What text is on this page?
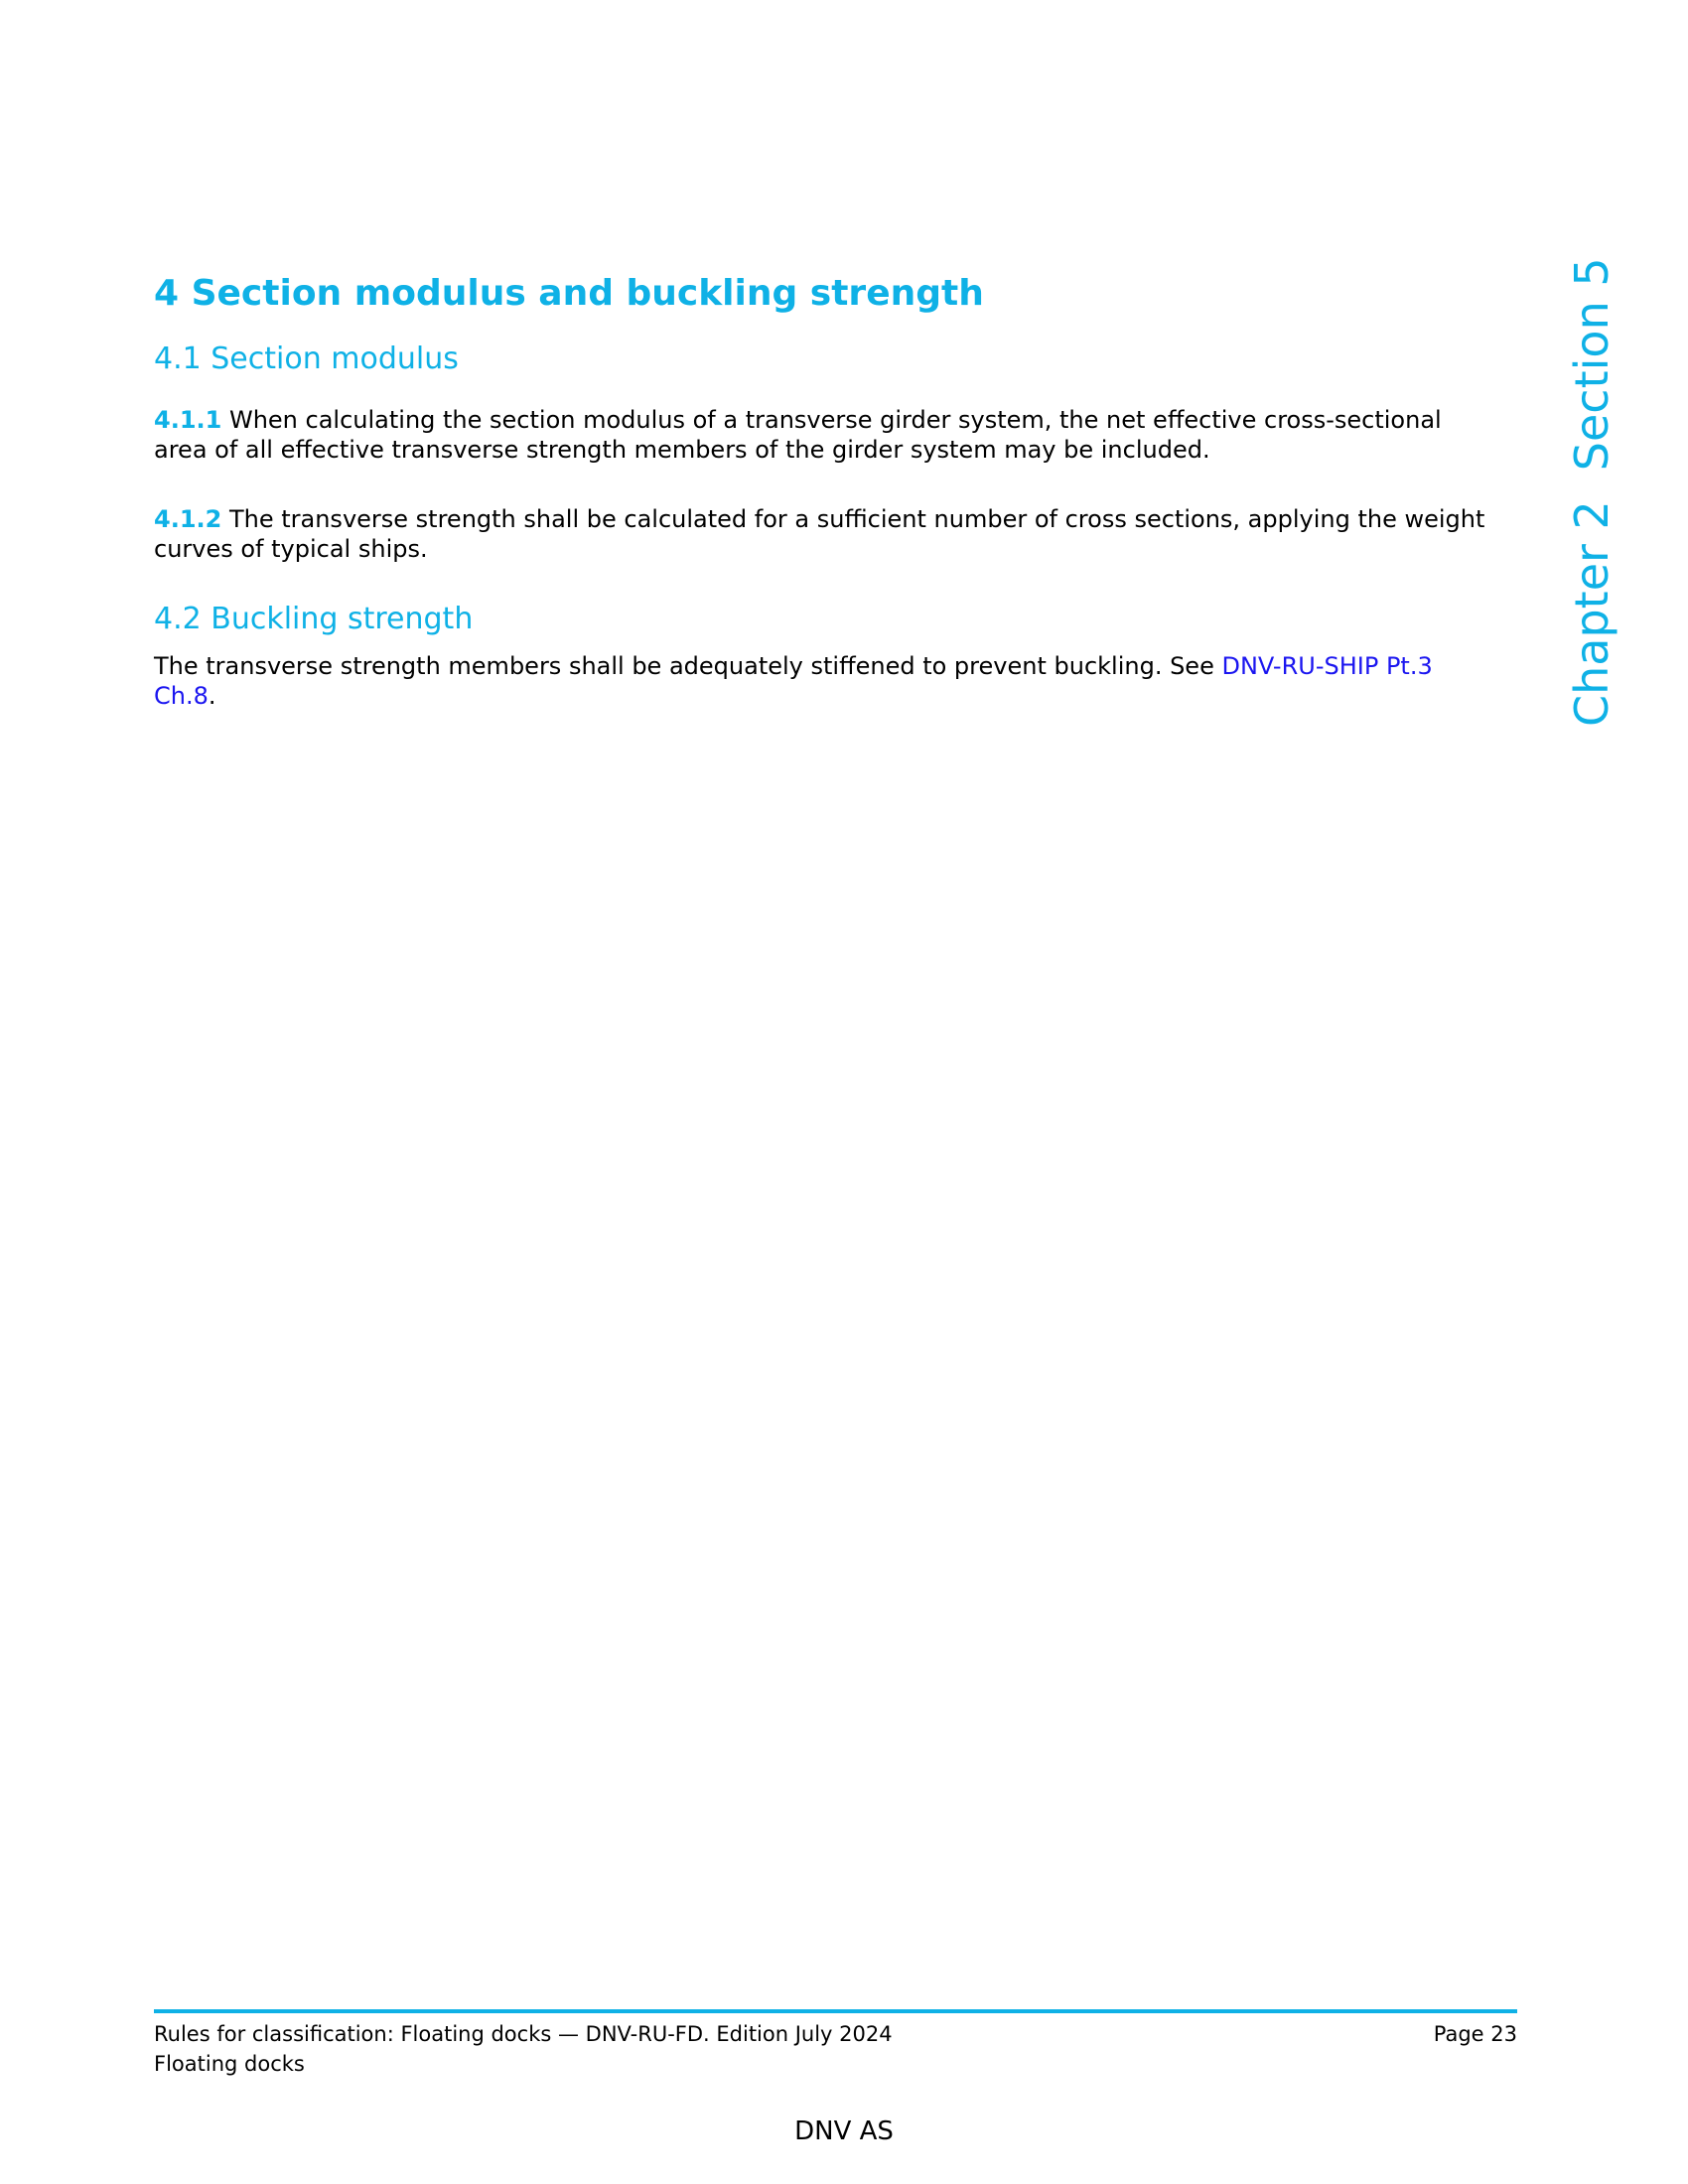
Chapter 2Section 5
4 Section modulus and buckling strength
4.1 Section modulus

4.1.1 When calculating the section modulus of a transverse girder system, the net effective cross-sectional area of all effective transverse strength members of the girder system may be included.

4.1.2 The transverse strength shall be calculated for a sufficient number of cross sections, applying the weight curves of typical ships.

4.2 Buckling strength

The transverse strength members shall be adequately stiffened to prevent buckling. See DNV-RU-SHIP Pt.3 Ch.8.

Rules for classification: Floating docks — DNV-RU-FD. Edition July 2024
Floating docks
Page 23
DNV AS
